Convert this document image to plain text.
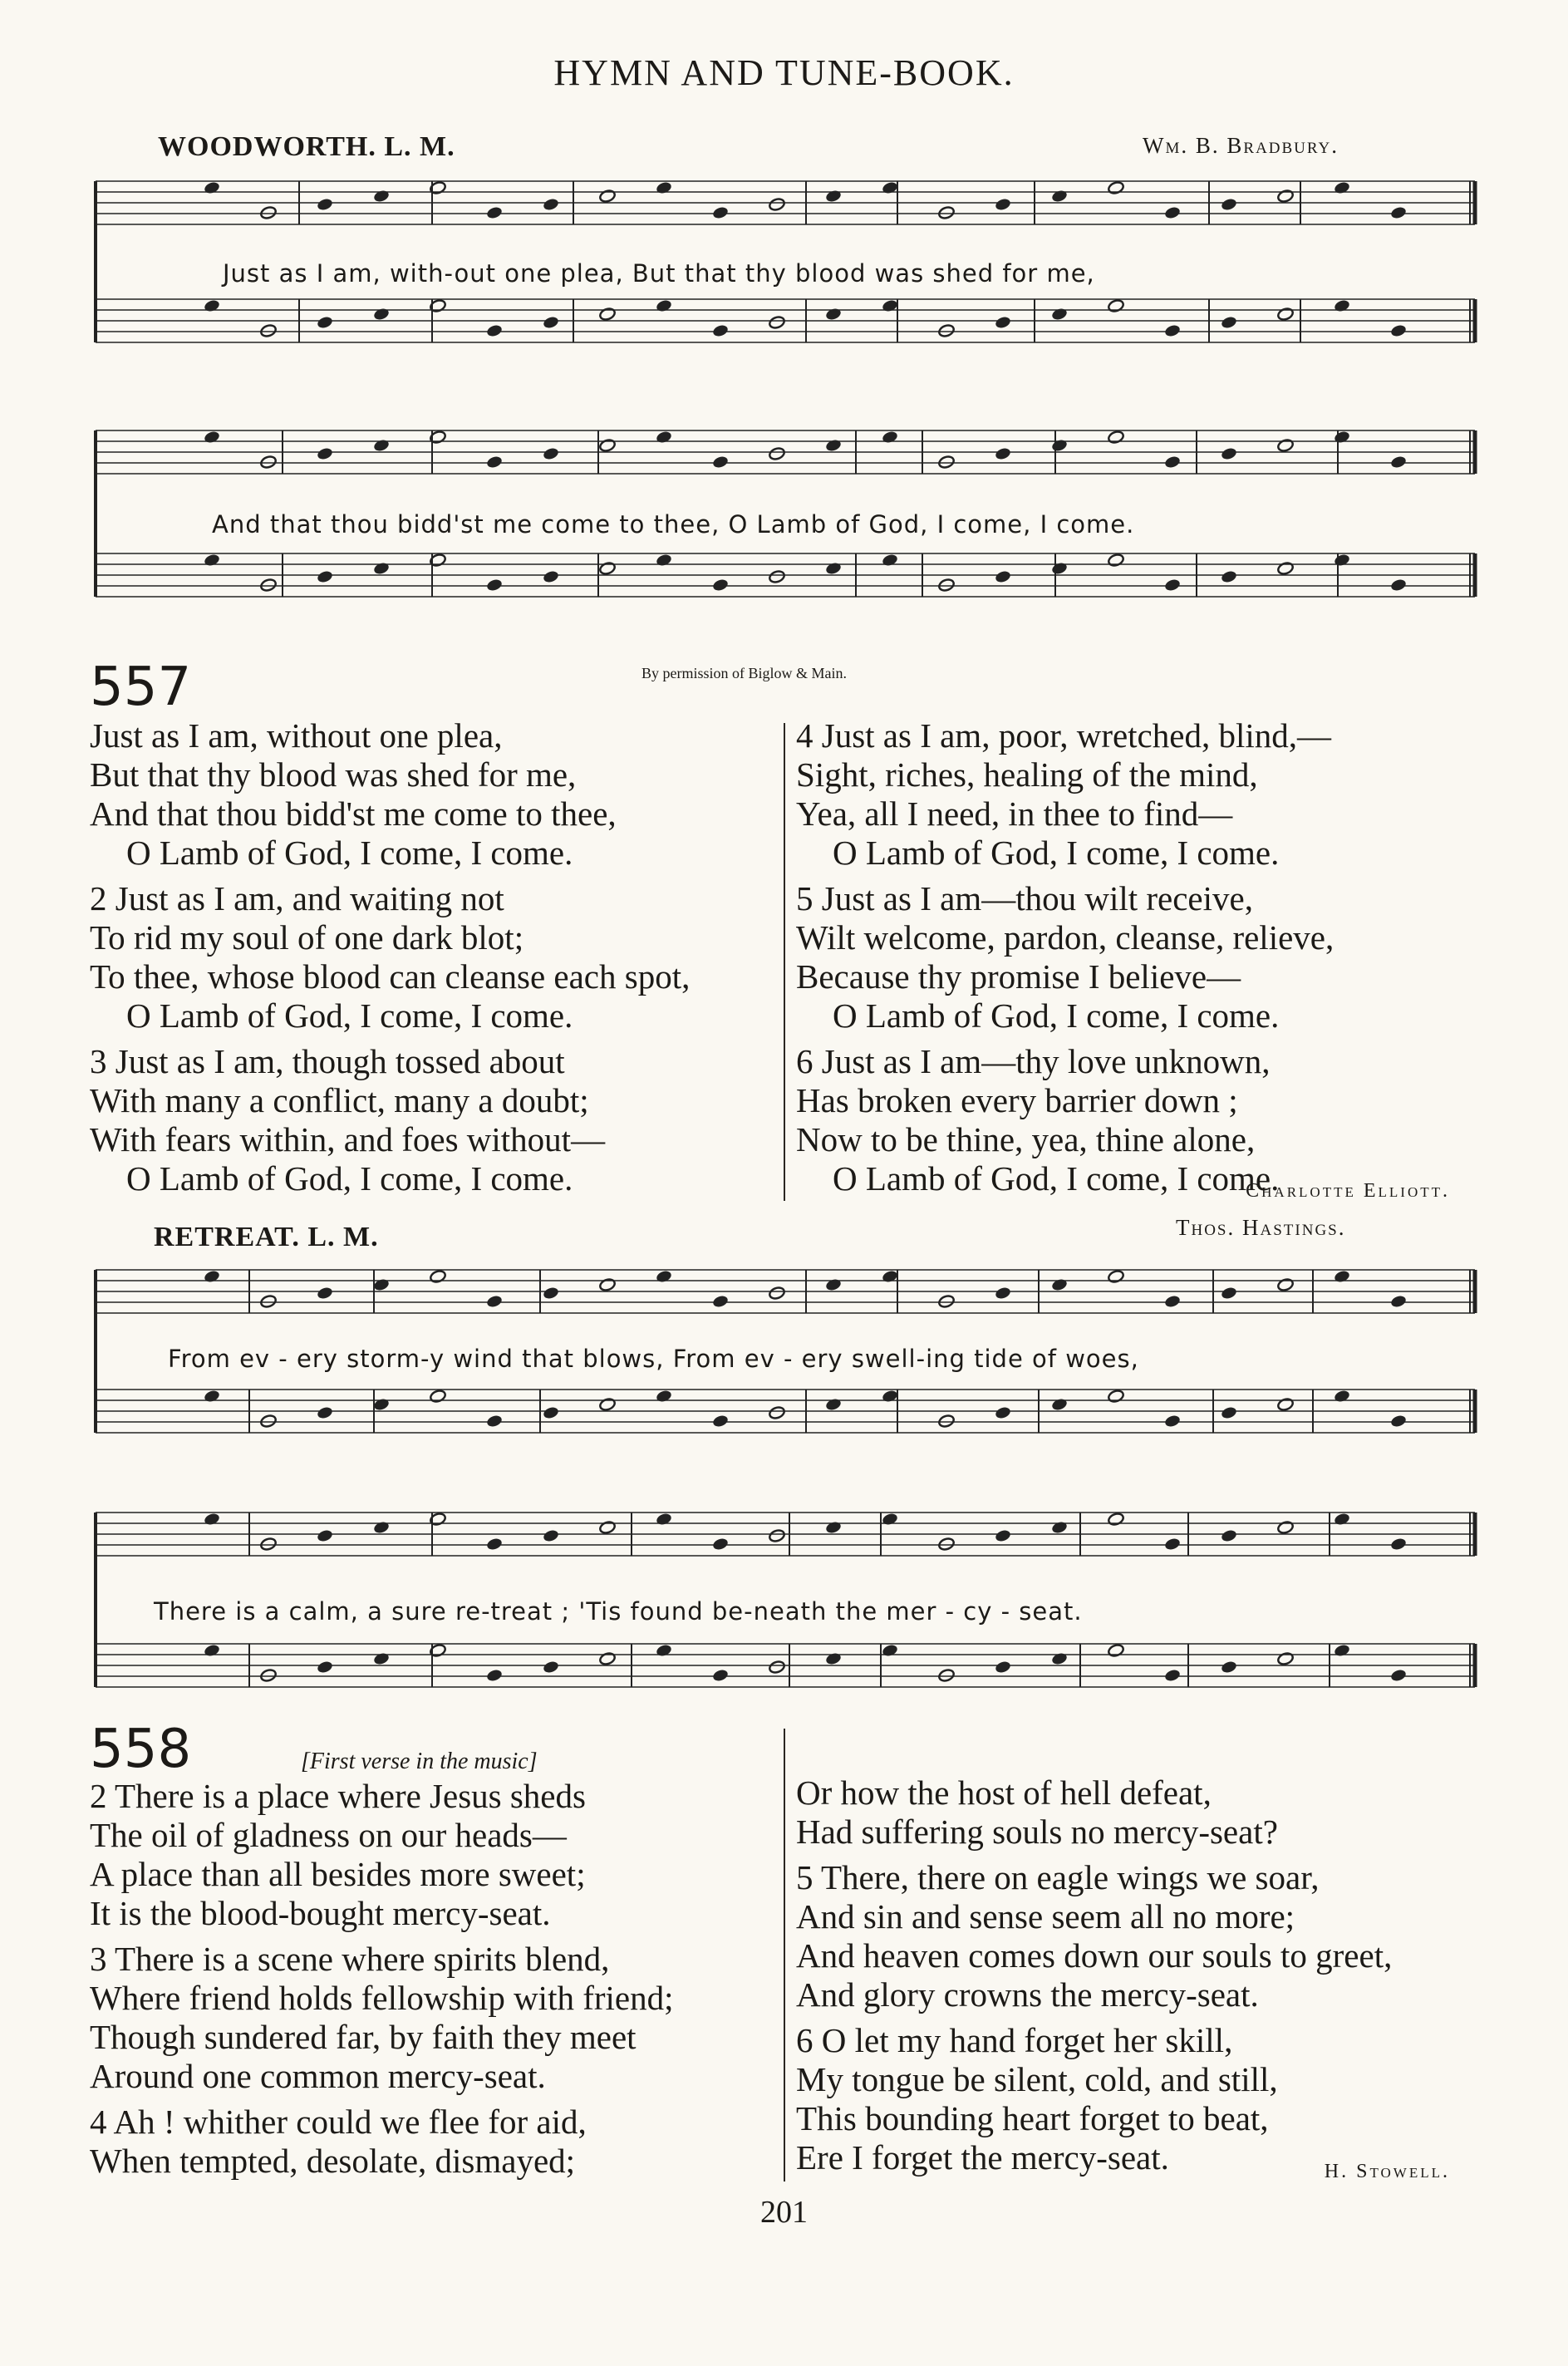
HYMN AND TUNE-BOOK.
WOODWORTH. L. M.	Wm. B. Bradbury.
Just as I am, with-out one plea, But that thy blood was shed for me,
And that thou bidd'st me come to thee, O Lamb of God, I come, I come.
557	By permission of Biglow & Main.
Just as I am, without one plea,
But that thy blood was shed for me,
And that thou bidd'st me come to thee,
O Lamb of God, I come, I come.
2 Just as I am, and waiting not
To rid my soul of one dark blot;
To thee, whose blood can cleanse each spot,
O Lamb of God, I come, I come.
3 Just as I am, though tossed about
With many a conflict, many a doubt;
With fears within, and foes without—
O Lamb of God, I come, I come.
4 Just as I am, poor, wretched, blind,—
Sight, riches, healing of the mind,
Yea, all I need, in thee to find—
O Lamb of God, I come, I come.
5 Just as I am—thou wilt receive,
Wilt welcome, pardon, cleanse, relieve,
Because thy promise I believe—
O Lamb of God, I come, I come.
6 Just as I am—thy love unknown,
Has broken every barrier down ;
Now to be thine, yea, thine alone,
O Lamb of God, I come, I come.
Charlotte Elliott.
RETREAT. L. M.	Thos. Hastings.
From ev - ery storm-y wind that blows, From ev - ery swell-ing tide of woes,
There is a calm, a sure re-treat ; 'Tis found be-neath the mer - cy - seat.
558	[First verse in the music]
2 There is a place where Jesus sheds
The oil of gladness on our heads—
A place than all besides more sweet;
It is the blood-bought mercy-seat.
3 There is a scene where spirits blend,
Where friend holds fellowship with friend;
Though sundered far, by faith they meet
Around one common mercy-seat.
4 Ah ! whither could we flee for aid,
When tempted, desolate, dismayed;
Or how the host of hell defeat,
Had suffering souls no mercy-seat?
5 There, there on eagle wings we soar,
And sin and sense seem all no more;
And heaven comes down our souls to greet,
And glory crowns the mercy-seat.
6 O let my hand forget her skill,
My tongue be silent, cold, and still,
This bounding heart forget to beat,
Ere I forget the mercy-seat.	H. Stowell.
201
